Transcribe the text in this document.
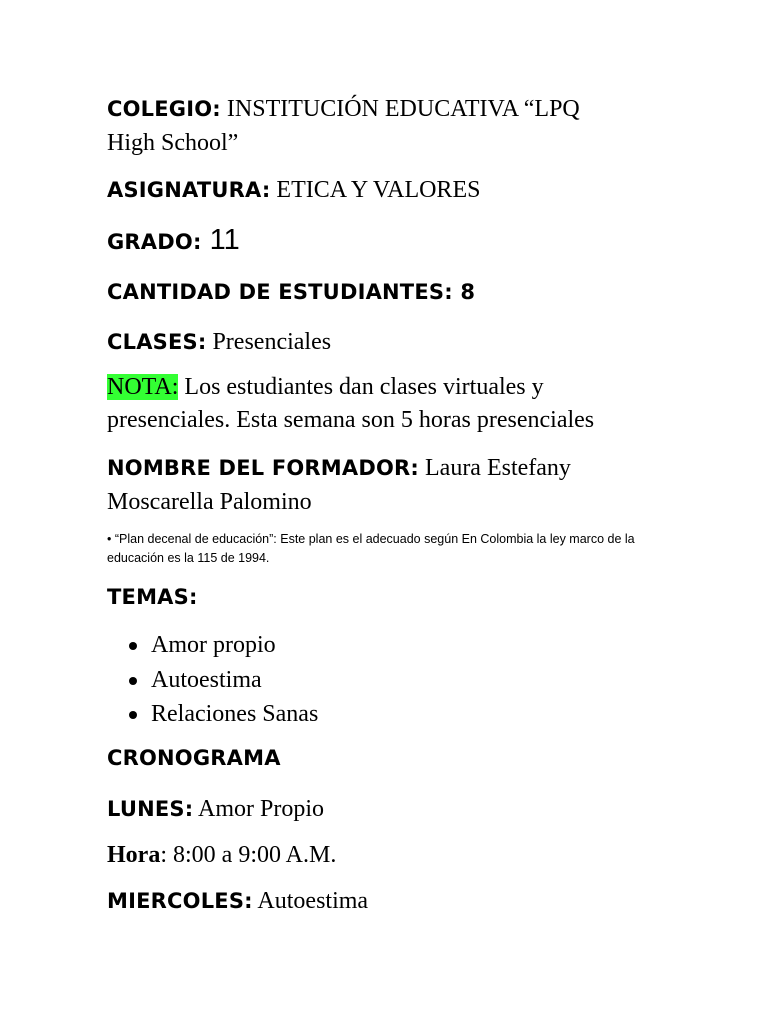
COLEGIO: INSTITUCIÓN EDUCATIVA “LPQ
High School”
ASIGNATURA: ETICA Y VALORES
GRADO: 11
CANTIDAD DE ESTUDIANTES: 8
CLASES: Presenciales
NOTA: Los estudiantes dan clases virtuales y
presenciales. Esta semana son 5 horas presenciales
NOMBRE DEL FORMADOR: Laura Estefany
Moscarella Palomino
• “Plan decenal de educación”: Este plan es el adecuado según En Colombia la ley marco de la educación es la 115 de 1994.
TEMAS:
Amor propio
Autoestima
Relaciones Sanas
CRONOGRAMA
LUNES: Amor Propio
Hora: 8:00 a 9:00 A.M.
MIERCOLES: Autoestima
